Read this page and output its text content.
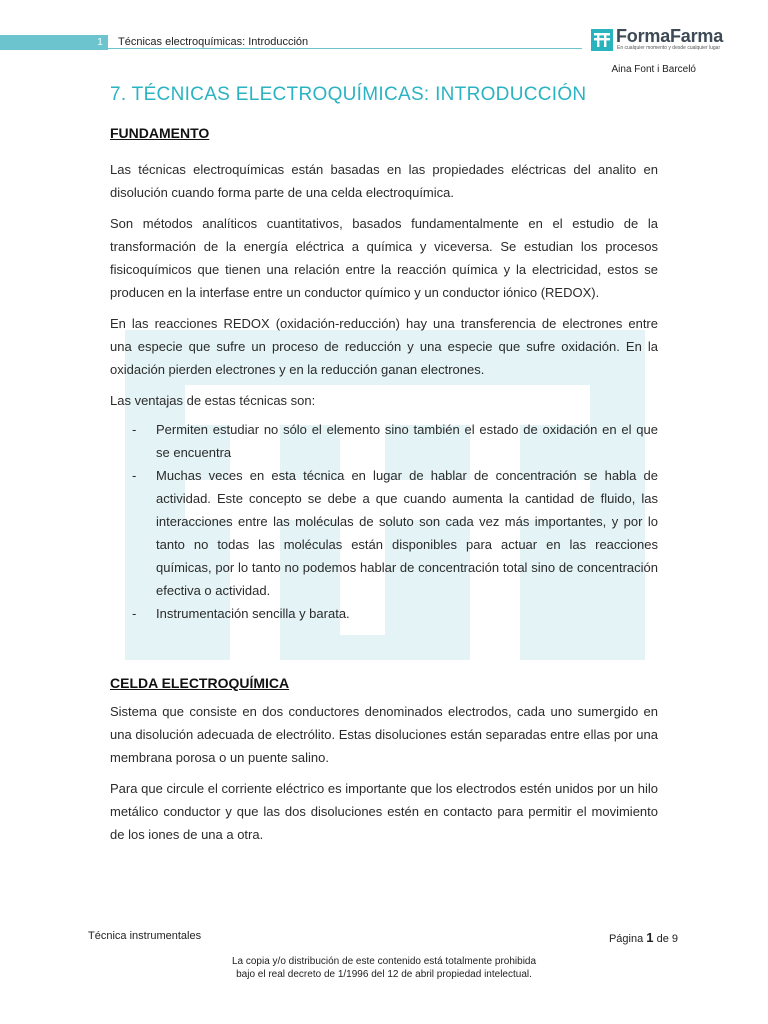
1	Técnicas electroquímicas: Introducción	FormaFarma
En cualquier momento y desde cualquier lugar
Aina Font i Barceló
7. TÉCNICAS ELECTROQUÍMICAS: INTRODUCCIÓN
FUNDAMENTO

Las técnicas electroquímicas están basadas en las propiedades eléctricas del analito en disolución cuando forma parte de una celda electroquímica.

Son métodos analíticos cuantitativos, basados fundamentalmente en el estudio de la transformación de la energía eléctrica a química y viceversa. Se estudian los procesos fisicoquímicos que tienen una relación entre la reacción química y la electricidad, estos se producen en la interfase entre un conductor químico y un conductor iónico (REDOX).

En las reacciones REDOX (oxidación-reducción) hay una transferencia de electrones entre una especie que sufre un proceso de reducción y una especie que sufre oxidación. En la oxidación pierden electrones y en la reducción ganan electrones.

Las ventajas de estas técnicas son:

- Permiten estudiar no sólo el elemento sino también el estado de oxidación en el que se encuentra
- Muchas veces en esta técnica en lugar de hablar de concentración se habla de actividad. Este concepto se debe a que cuando aumenta la cantidad de fluido, las interacciones entre las moléculas de soluto son cada vez más importantes, y por lo tanto no todas las moléculas están disponibles para actuar en las reacciones químicas, por lo tanto no podemos hablar de concentración total sino de concentración efectiva o actividad.
- Instrumentación sencilla y barata.
CELDA ELECTROQUÍMICA

Sistema que consiste en dos conductores denominados electrodos, cada uno sumergido en una disolución adecuada de electrólito. Estas disoluciones están separadas entre ellas por una membrana porosa o un puente salino.

Para que circule el corriente eléctrico es importante que los electrodos estén unidos por un hilo metálico conductor y que las dos disoluciones estén en contacto para permitir el movimiento de los iones de una a otra.

Técnica instrumentales	Página 1 de 9
La copia y/o distribución de este contenido está totalmente prohibida
bajo el real decreto de 1/1996 del 12 de abril propiedad intelectual.
